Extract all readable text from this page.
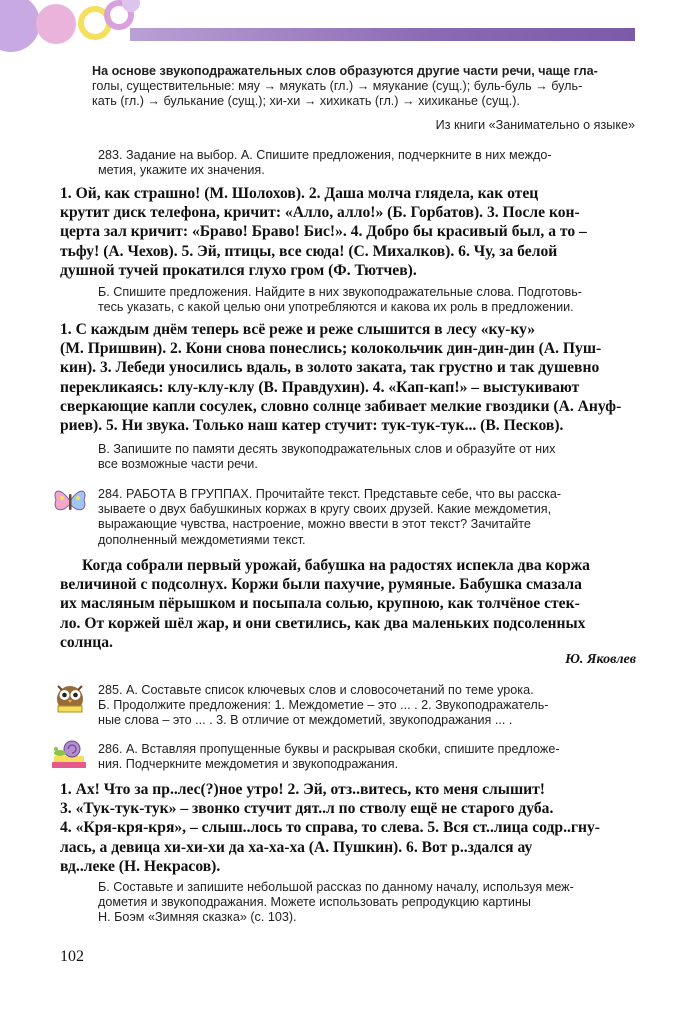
На основе звукоподражательных слов образуются другие части речи, чаще гла-
голы, существительные: мяу → мяукать (гл.) → мяукание (сущ.); буль-буль → буль-
кать (гл.) → булькание (сущ.); хи-хи → хихикать (гл.) → хихиканье (сущ.).
Из книги «Занимательно о языке»
283. Задание на выбор. А. Спишите предложения, подчеркните в них междо-
метия, укажите их значения.
1. Ой, как страшно! (М. Шолохов). 2. Даша молча глядела, как отец
крутит диск телефона, кричит: «Алло, алло!» (Б. Горбатов). 3. После кон-
церта зал кричит: «Браво! Браво! Бис!». 4. Добро бы красивый был, а то –
тьфу! (А. Чехов). 5. Эй, птицы, все сюда! (С. Михалков). 6. Чу, за белой
душной тучей прокатился глухо гром (Ф. Тютчев).
Б. Спишите предложения. Найдите в них звукоподражательные слова. Подготовь-
тесь указать, с какой целью они употребляются и какова их роль в предложении.
1. С каждым днём теперь всё реже и реже слышится в лесу «ку-ку»
(М. Пришвин). 2. Кони снова понеслись; колокольчик дин-дин-дин (А. Пуш-
кин). 3. Лебеди уносились вдаль, в золото заката, так грустно и так душевно
перекликаясь: клу-клу-клу (В. Правдухин). 4. «Кап-кап!» – выстукивают
сверкающие капли сосулек, словно солнце забивает мелкие гвоздики (А. Ануф-
риев). 5. Ни звука. Только наш катер стучит: тук-тук-тук... (В. Песков).
В. Запишите по памяти десять звукоподражательных слов и образуйте от них
все возможные части речи.
284. РАБОТА В ГРУППАХ. Прочитайте текст. Представьте себе, что вы расска-
зываете о двух бабушкиных коржах в кругу своих друзей. Какие междометия,
выражающие чувства, настроение, можно ввести в этот текст? Зачитайте
дополненный междометиями текст.
Когда собрали первый урожай, бабушка на радостях испекла два коржа
величиной с подсолнух. Коржи были пахучие, румяные. Бабушка смазала
их масляным пёрышком и посыпала солью, крупною, как толчёное стек-
ло. От коржей шёл жар, и они светились, как два маленьких подсоленных
солнца.
Ю. Яковлев
285. А. Составьте список ключевых слов и словосочетаний по теме урока.
Б. Продолжите предложения: 1. Междометие – это ... . 2. Звукоподражатель-
ные слова – это ... . 3. В отличие от междометий, звукоподражания ... .
286. А. Вставляя пропущенные буквы и раскрывая скобки, спишите предложе-
ния. Подчеркните междометия и звукоподражания.
1. Ах! Что за пр..лес(?)ное утро! 2. Эй, отз..витесь, кто меня слышит!
3. «Тук-тук-тук» – звонко стучит дят..л по стволу ещё не старого дуба.
4. «Кря-кря-кря», – слыш..лось то справа, то слева. 5. Вся ст..лица содр..гну-
лась, а девица хи-хи-хи да ха-ха-ха (А. Пушкин). 6. Вот р..здался ау
вд..леке (Н. Некрасов).
Б. Составьте и запишите небольшой рассказ по данному началу, используя меж-
дометия и звукоподражания. Можете использовать репродукцию картины
Н. Боэм «Зимняя сказка» (с. 103).
102
